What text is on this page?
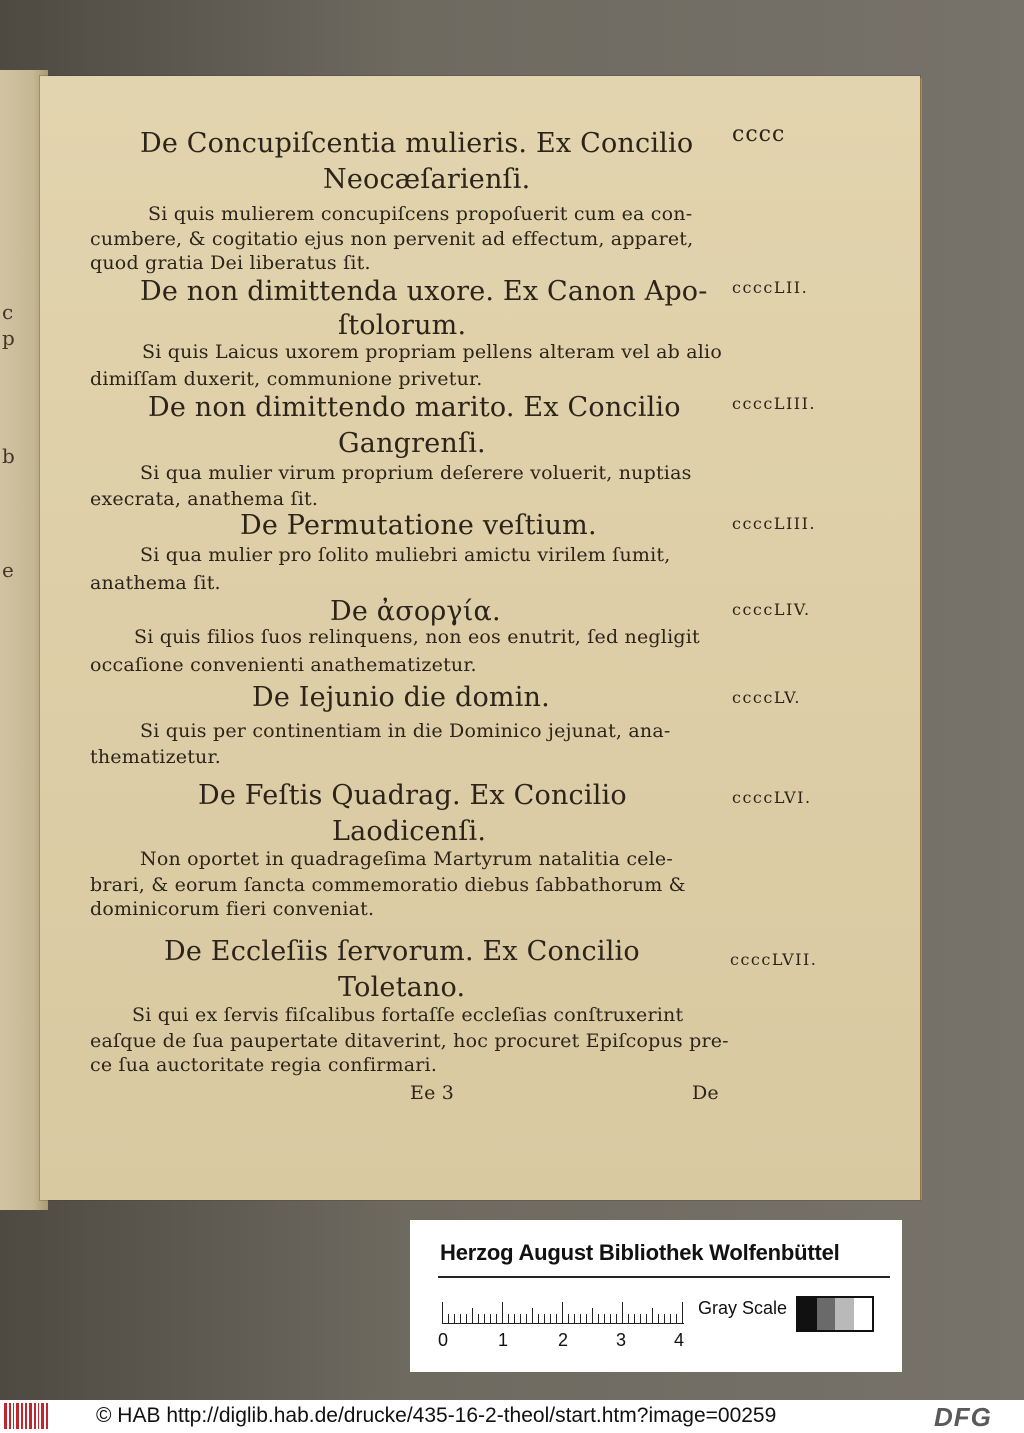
c
p
b
e
cccc
De Concupiſcentia mulieris. Ex Concilio
Neocæſarienſi.
Si quis mulierem concupiſcens propoſuerit cum ea con-
cumbere, & cogitatio ejus non pervenit ad effectum, apparet,
quod gratia Dei liberatus ſit.
De non dimittenda uxore. Ex Canon Apo- ccccLII.
ſtolorum.
Si quis Laicus uxorem propriam pellens alteram vel ab alio
dimiſſam duxerit, communione privetur.
De non dimittendo marito. Ex Concilio	ccccLIII.
Gangrenſi.
Si qua mulier virum proprium deſerere voluerit, nuptias
execrata, anathema ſit.
De Permutatione veſtium.	ccccLIII.
Si qua mulier pro ſolito muliebri amictu virilem ſumit,
anathema ſit.
De ἀσοργία.	ccccLIV.
Si quis filios ſuos relinquens, non eos enutrit, ſed negligit
occaſione convenienti anathematizetur.
De Iejunio die domin.	ccccLV.
Si quis per continentiam in die Dominico jejunat, ana-
thematizetur.
De Feſtis Quadrag. Ex Concilio	ccccLVI.
Laodicenſi.
Non oportet in quadrageſima Martyrum natalitia cele-
brari, & eorum ſancta commemoratio diebus ſabbathorum &
dominicorum fieri conveniat.
De Eccleſiis ſervorum. Ex Concilio	ccccLVII.
Toletano.
Si qui ex ſervis fiſcalibus fortaſſe eccleſias conſtruxerint
eaſque de ſua paupertate ditaverint, hoc procuret Epiſcopus pre-
ce ſua auctoritate regia confirmari.
Ee 3	De
Herzog August Bibliothek Wolfenbüttel
0	1	2	3	4
Gray Scale
© HAB http://diglib.hab.de/drucke/435-16-2-theol/start.htm?image=00259	DFG
